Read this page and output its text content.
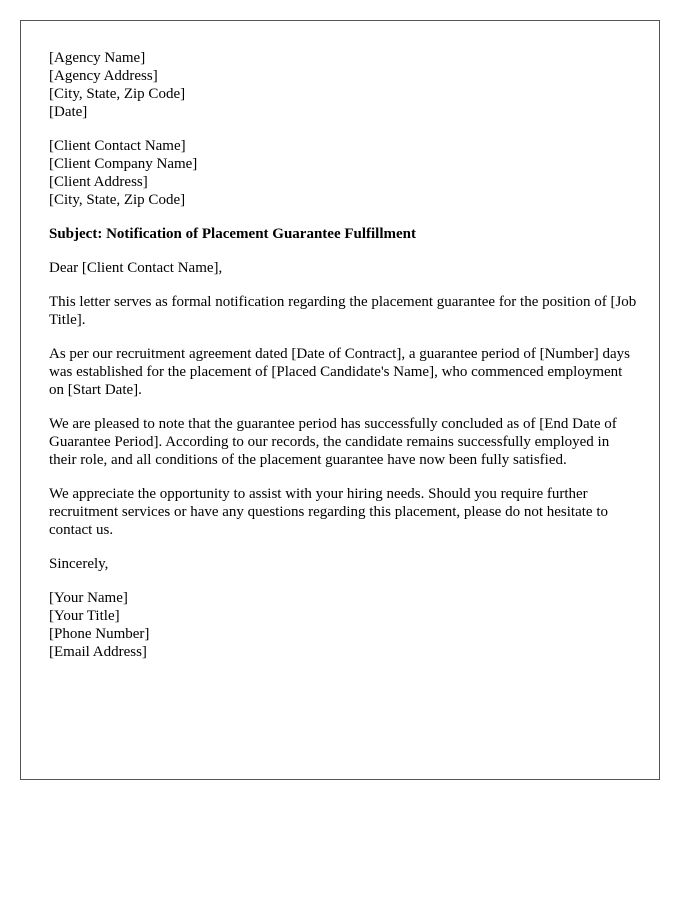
[Agency Name]
[Agency Address]
[City, State, Zip Code]
[Date]
[Client Contact Name]
[Client Company Name]
[Client Address]
[City, State, Zip Code]

Subject: Notification of Placement Guarantee Fulfillment

Dear [Client Contact Name],

This letter serves as formal notification regarding the placement guarantee for the position of [Job Title].

As per our recruitment agreement dated [Date of Contract], a guarantee period of [Number] days was established for the placement of [Placed Candidate's Name], who commenced employment on [Start Date].

We are pleased to note that the guarantee period has successfully concluded as of [End Date of Guarantee Period]. According to our records, the candidate remains successfully employed in their role, and all conditions of the placement guarantee have now been fully satisfied.

We appreciate the opportunity to assist with your hiring needs. Should you require further recruitment services or have any questions regarding this placement, please do not hesitate to contact us.

Sincerely,

[Your Name]
[Your Title]
[Phone Number]
[Email Address]
